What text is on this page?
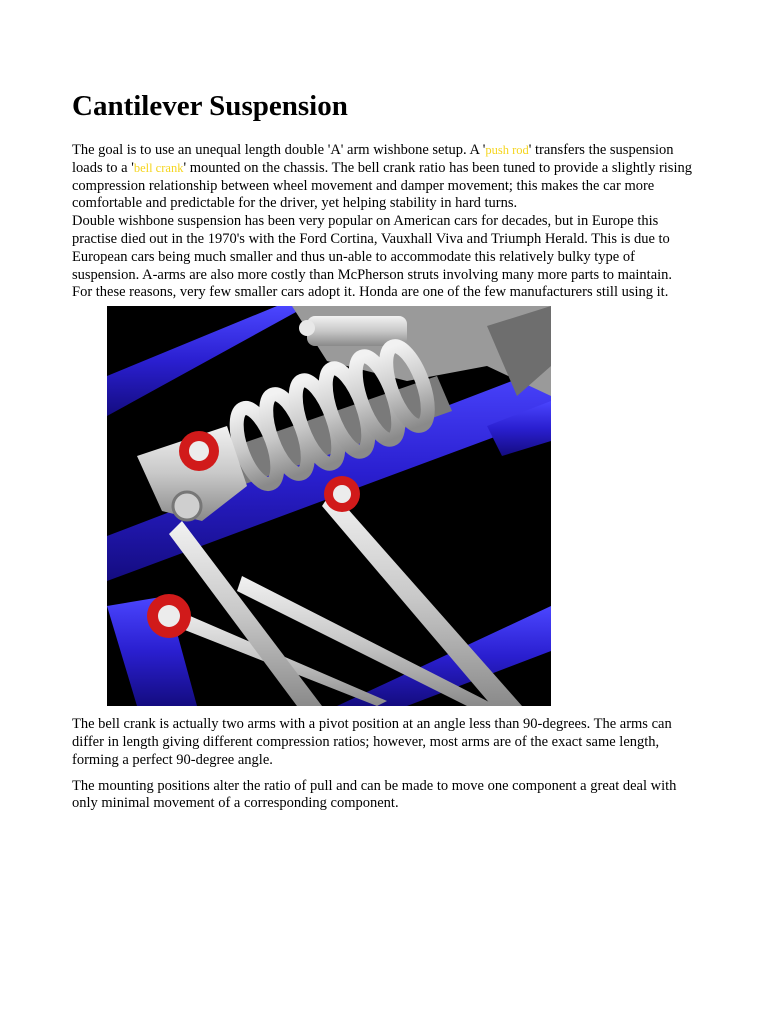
Cantilever Suspension

The goal is to use an unequal length double 'A' arm wishbone setup. A 'push rod' transfers the suspension loads to a 'bell crank' mounted on the chassis. The bell crank ratio has been tuned to provide a slightly rising compression relationship between wheel movement and damper movement; this makes the car more comfortable and predictable for the driver, yet helping stability in hard turns.

Double wishbone suspension has been very popular on American cars for decades, but in Europe this practise died out in the 1970's with the Ford Cortina, Vauxhall Viva and Triumph Herald. This is due to European cars being much smaller and thus un-able to accommodate this relatively bulky type of suspension. A-arms are also more costly than McPherson struts involving many more parts to maintain.

For these reasons, very few smaller cars adopt it. Honda are one of the few manufacturers still using it.

The bell crank is actually two arms with a pivot position at an angle less than 90-degrees. The arms can differ in length giving different compression ratios; however, most arms are of the exact same length, forming a perfect 90-degree angle.

The mounting positions alter the ratio of pull and can be made to move one component a great deal with only minimal movement of a corresponding component.
